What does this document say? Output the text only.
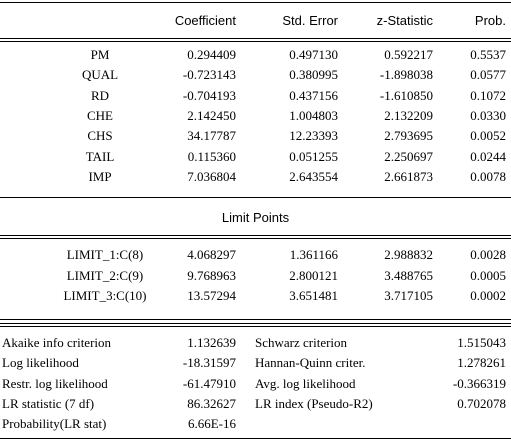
Coefficient	Std. Error	z-Statistic	Prob.
PM	0.294409	0.497130	0.592217	0.5537
QUAL	-0.723143	0.380995	-1.898038	0.0577
RD	-0.704193	0.437156	-1.610850	0.1072
CHE	2.142450	1.004803	2.132209	0.0330
CHS	34.17787	12.23393	2.793695	0.0052
TAIL	0.115360	0.051255	2.250697	0.0244
IMP	7.036804	2.643554	2.661873	0.0078
Limit Points
LIMIT_1:C(8)	4.068297	1.361166	2.988832	0.0028
LIMIT_2:C(9)	9.768963	2.800121	3.488765	0.0005
LIMIT_3:C(10)	13.57294	3.651481	3.717105	0.0002
Akaike info criterion	1.132639 Schwarz criterion	1.515043
Log likelihood	-18.31597 Hannan-Quinn criter.	1.278261
Restr. log likelihood	-61.47910 Avg. log likelihood	-0.366319
LR statistic (7 df)	86.32627 LR index (Pseudo-R2)	0.702078
Probability(LR stat)	6.66E-16
